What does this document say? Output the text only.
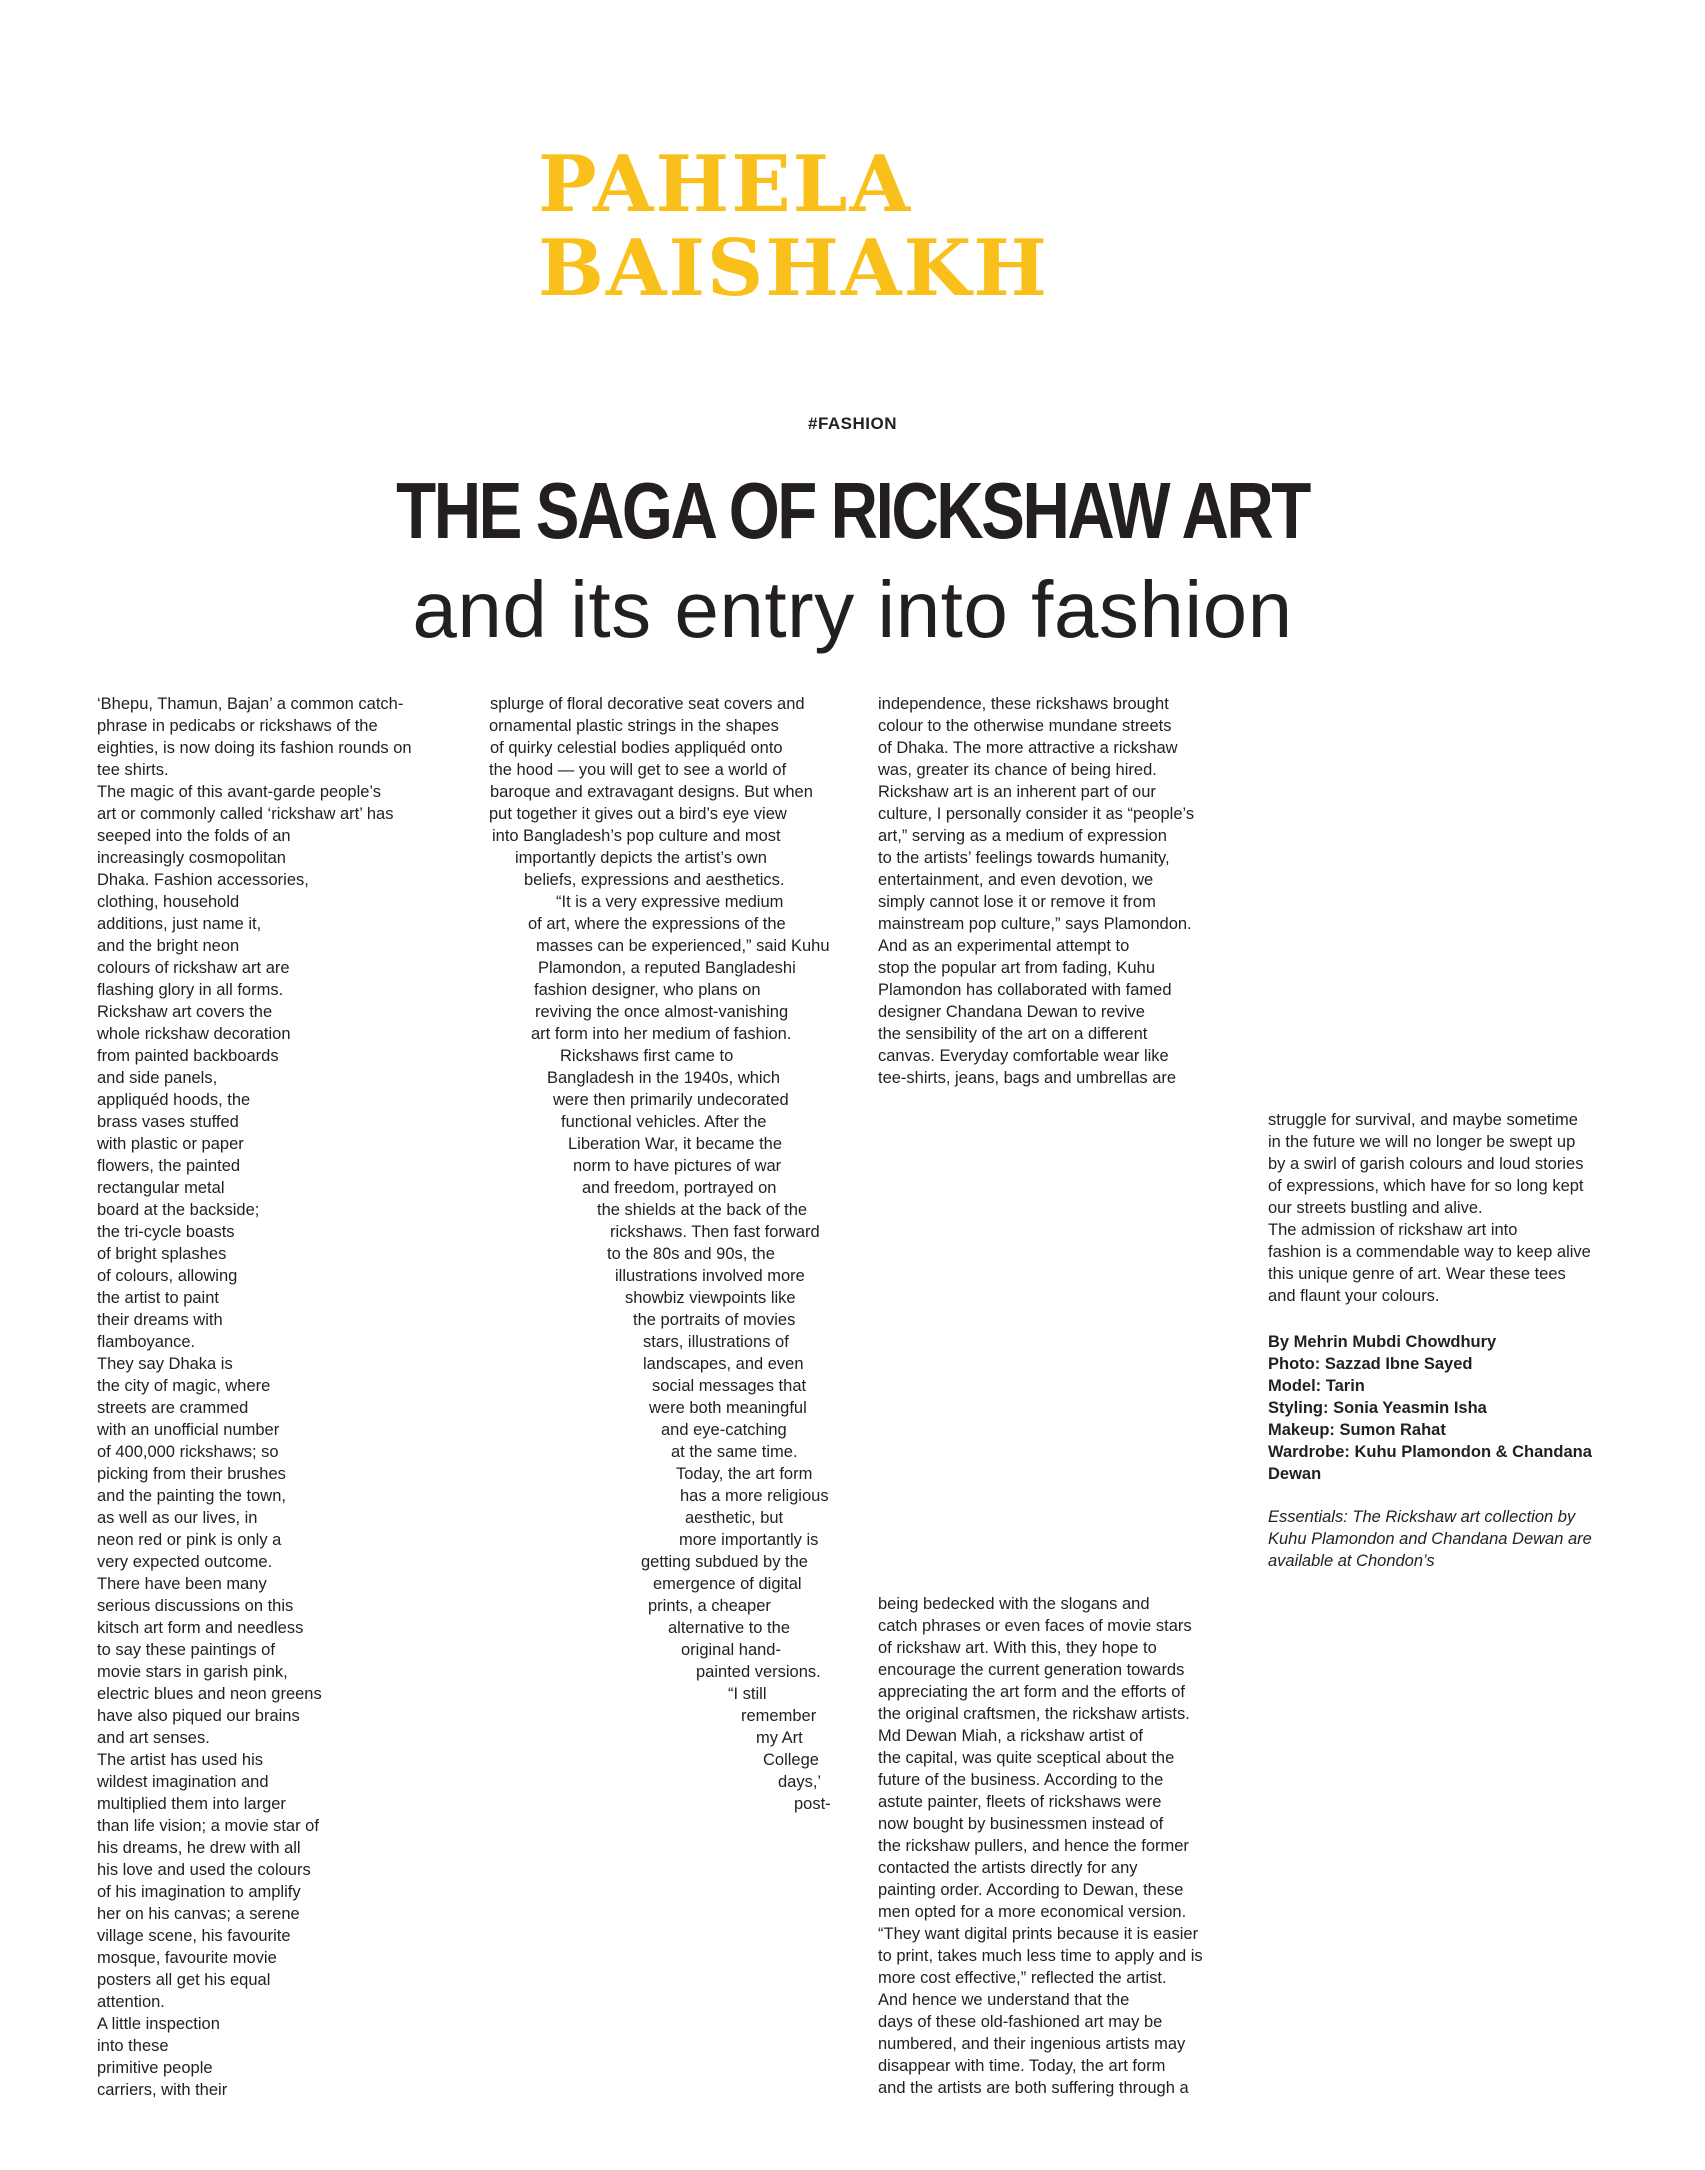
PAHELA
BAISHAKH
#FASHION
THE SAGA OF RICKSHAW ART
and its entry into fashion
‘Bhepu, Thamun, Bajan’ a common catch-
phrase in pedicabs or rickshaws of the
eighties, is now doing its fashion rounds on
tee shirts.
The magic of this avant-garde people’s
art or commonly called ‘rickshaw art’ has
seeped into the folds of an
increasingly cosmopolitan
Dhaka. Fashion accessories,
clothing, household
additions, just name it,
and the bright neon
colours of rickshaw art are
flashing glory in all forms.
Rickshaw art covers the
whole rickshaw decoration
from painted backboards
and side panels,
appliquéd hoods, the
brass vases stuffed
with plastic or paper
flowers, the painted
rectangular metal
board at the backside;
the tri-cycle boasts
of bright splashes
of colours, allowing
the artist to paint
their dreams with
flamboyance.
They say Dhaka is
the city of magic, where
streets are crammed
with an unofficial number
of 400,000 rickshaws; so
picking from their brushes
and the painting the town,
as well as our lives, in
neon red or pink is only a
very expected outcome.
There have been many
serious discussions on this
kitsch art form and needless
to say these paintings of
movie stars in garish pink,
electric blues and neon greens
have also piqued our brains
and art senses.
The artist has used his
wildest imagination and
multiplied them into larger
than life vision; a movie star of
his dreams, he drew with all
his love and used the colours
of his imagination to amplify
her on his canvas; a serene
village scene, his favourite
mosque, favourite movie
posters all get his equal
attention.
A little inspection
into these
primitive people
carriers, with their
splurge of floral decorative seat covers and
ornamental plastic strings in the shapes
of quirky celestial bodies appliquéd onto
the hood — you will get to see a world of
baroque and extravagant designs. But when
put together it gives out a bird’s eye view
into Bangladesh’s pop culture and most
importantly depicts the artist’s own
beliefs, expressions and aesthetics.
“It is a very expressive medium
of art, where the expressions of the
masses can be experienced,” said Kuhu
Plamondon, a reputed Bangladeshi
fashion designer, who plans on
reviving the once almost-vanishing
art form into her medium of fashion.
Rickshaws first came to
Bangladesh in the 1940s, which
were then primarily undecorated
functional vehicles. After the
Liberation War, it became the
norm to have pictures of war
and freedom, portrayed on
the shields at the back of the
rickshaws. Then fast forward
to the 80s and 90s, the
illustrations involved more
showbiz viewpoints like
the portraits of movies
stars, illustrations of
landscapes, and even
social messages that
were both meaningful
and eye-catching
at the same time.
Today, the art form
has a more religious
aesthetic, but
more importantly is
getting subdued by the
emergence of digital
prints, a cheaper
alternative to the
original hand-
painted versions.
“I still
remember
my Art
College
days,’
post-
independence, these rickshaws brought
colour to the otherwise mundane streets
of Dhaka. The more attractive a rickshaw
was, greater its chance of being hired.
Rickshaw art is an inherent part of our
culture, I personally consider it as “people’s
art,” serving as a medium of expression
to the artists’ feelings towards humanity,
entertainment, and even devotion, we
simply cannot lose it or remove it from
mainstream pop culture,” says Plamondon.
And as an experimental attempt to
stop the popular art from fading, Kuhu
Plamondon has collaborated with famed
designer Chandana Dewan to revive
the sensibility of the art on a different
canvas. Everyday comfortable wear like
tee-shirts, jeans, bags and umbrellas are
being bedecked with the slogans and
catch phrases or even faces of movie stars
of rickshaw art. With this, they hope to
encourage the current generation towards
appreciating the art form and the efforts of
the original craftsmen, the rickshaw artists.
Md Dewan Miah, a rickshaw artist of
the capital, was quite sceptical about the
future of the business. According to the
astute painter, fleets of rickshaws were
now bought by businessmen instead of
the rickshaw pullers, and hence the former
contacted the artists directly for any
painting order. According to Dewan, these
men opted for a more economical version.
“They want digital prints because it is easier
to print, takes much less time to apply and is
more cost effective,” reflected the artist.
And hence we understand that the
days of these old-fashioned art may be
numbered, and their ingenious artists may
disappear with time. Today, the art form
and the artists are both suffering through a
struggle for survival, and maybe sometime
in the future we will no longer be swept up
by a swirl of garish colours and loud stories
of expressions, which have for so long kept
our streets bustling and alive.
The admission of rickshaw art into
fashion is a commendable way to keep alive
this unique genre of art. Wear these tees
and flaunt your colours.
By Mehrin Mubdi Chowdhury
Photo: Sazzad Ibne Sayed
Model: Tarin
Styling: Sonia Yeasmin Isha
Makeup: Sumon Rahat
Wardrobe: Kuhu Plamondon & Chandana
Dewan
Essentials: The Rickshaw art collection by
Kuhu Plamondon and Chandana Dewan are
available at Chondon’s
